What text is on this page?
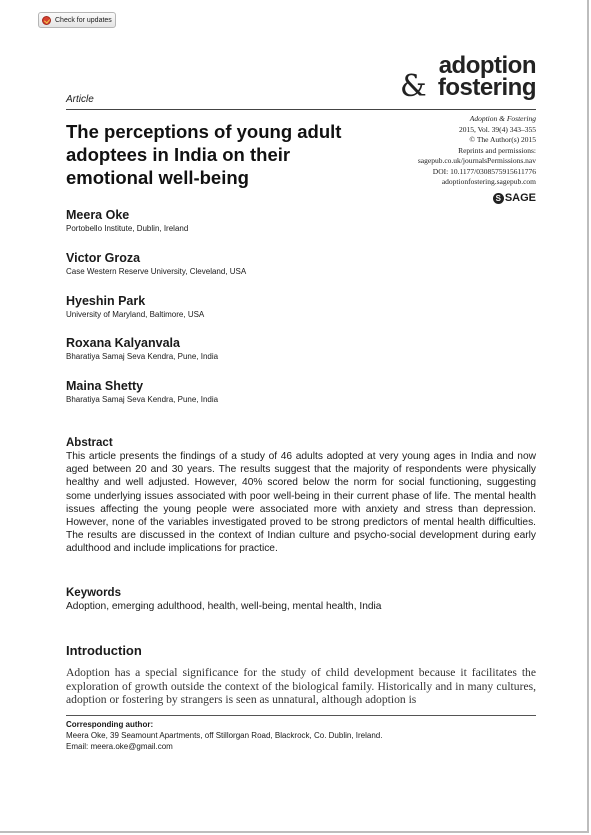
Check for updates
adoption
& fostering
Article
The perceptions of young adult adoptees in India on their emotional well-being
Adoption & Fostering
2015, Vol. 39(4) 343–355
© The Author(s) 2015
Reprints and permissions:
sagepub.co.uk/journalsPermissions.nav
DOI: 10.1177/0308575915611776
adoptionfostering.sagepub.com
S SAGE
Meera Oke
Portobello Institute, Dublin, Ireland
Victor Groza
Case Western Reserve University, Cleveland, USA
Hyeshin Park
University of Maryland, Baltimore, USA
Roxana Kalyanvala
Bharatiya Samaj Seva Kendra, Pune, India
Maina Shetty
Bharatiya Samaj Seva Kendra, Pune, India
Abstract
This article presents the findings of a study of 46 adults adopted at very young ages in India and now aged between 20 and 30 years. The results suggest that the majority of respondents were physically healthy and well adjusted. However, 40% scored below the norm for social functioning, suggesting some underlying issues associated with poor well-being in their current phase of life. The mental health issues affecting the young people were associated more with anxiety and stress than depression. However, none of the variables investigated proved to be strong predictors of mental health difficulties. The results are discussed in the context of Indian culture and psycho-social development during early adulthood and include implications for practice.
Keywords
Adoption, emerging adulthood, health, well-being, mental health, India
Introduction
Adoption has a special significance for the study of child development because it facilitates the exploration of growth outside the context of the biological family. Historically and in many cultures, adoption or fostering by strangers is seen as unnatural, although adoption is
Corresponding author:
Meera Oke, 39 Seamount Apartments, off Stillorgan Road, Blackrock, Co. Dublin, Ireland.
Email: meera.oke@gmail.com
